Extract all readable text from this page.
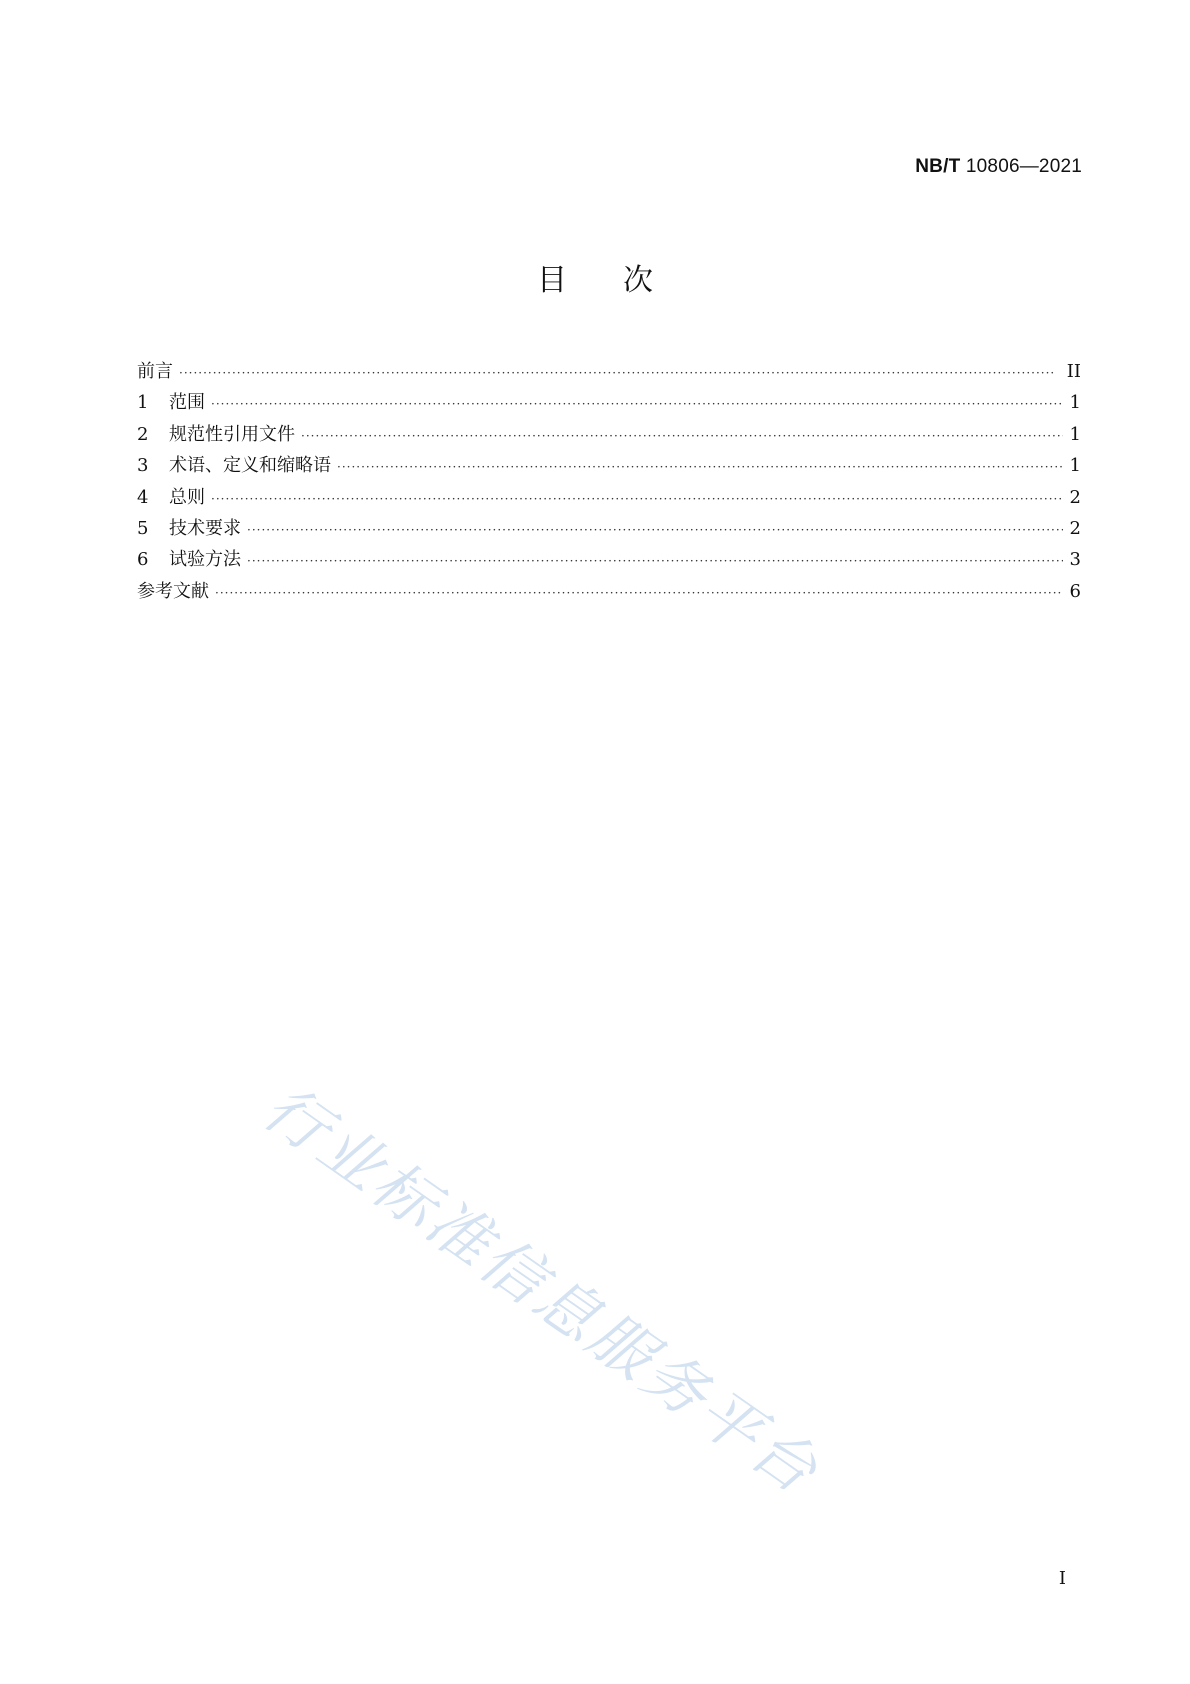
NB/T 10806—2021
目次
前言 ·····	II
1	范围 ·····	1
2	规范性引用文件 ·····	1
3	术语、定义和缩略语 ·····	1
4	总则 ·····	2
5	技术要求 ·····	2
6	试验方法 ·····	3
参考文献 ·····	6
行业标准信息服务平台
I
